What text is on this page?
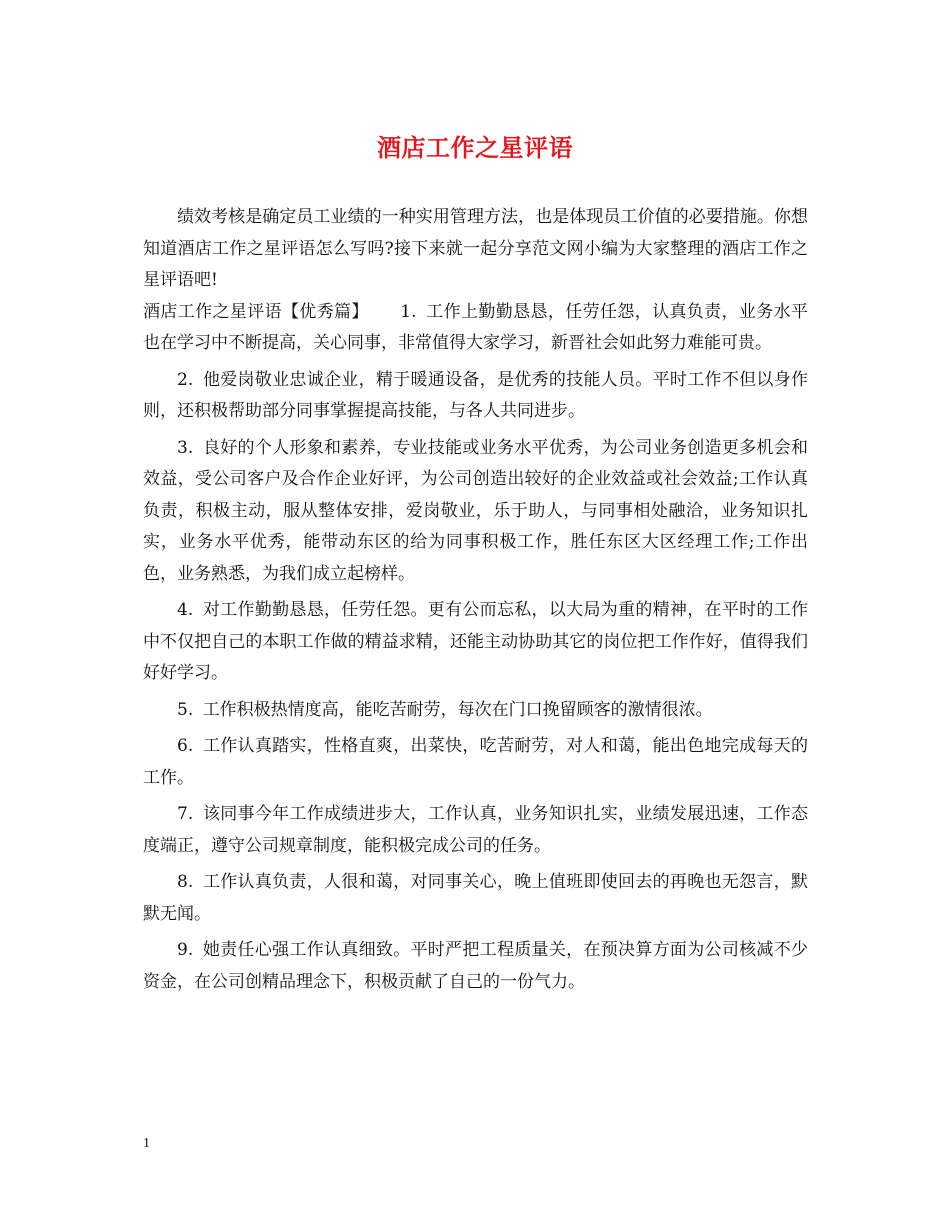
酒店工作之星评语

绩效考核是确定员工业绩的一种实用管理方法，也是体现员工价值的必要措施。你想知道酒店工作之星评语怎么写吗?接下来就一起分享范文网小编为大家整理的酒店工作之星评语吧!

酒店工作之星评语【优秀篇】   1. 工作上勤勤恳恳，任劳任怨，认真负责，业务水平也在学习中不断提高，关心同事，非常值得大家学习，新晋社会如此努力难能可贵。

2. 他爱岗敬业忠诚企业，精于暖通设备，是优秀的技能人员。平时工作不但以身作则，还积极帮助部分同事掌握提高技能，与各人共同进步。

3. 良好的个人形象和素养，专业技能或业务水平优秀，为公司业务创造更多机会和效益，受公司客户及合作企业好评，为公司创造出较好的企业效益或社会效益;工作认真负责，积极主动，服从整体安排，爱岗敬业，乐于助人，与同事相处融洽，业务知识扎实，业务水平优秀，能带动东区的给为同事积极工作，胜任东区大区经理工作;工作出色，业务熟悉，为我们成立起榜样。

4. 对工作勤勤恳恳，任劳任怨。更有公而忘私，以大局为重的精神，在平时的工作中不仅把自己的本职工作做的精益求精，还能主动协助其它的岗位把工作作好，值得我们好好学习。

5. 工作积极热情度高，能吃苦耐劳，每次在门口挽留顾客的激情很浓。

6. 工作认真踏实，性格直爽，出菜快，吃苦耐劳，对人和蔼，能出色地完成每天的工作。

7. 该同事今年工作成绩进步大，工作认真，业务知识扎实，业绩发展迅速，工作态度端正，遵守公司规章制度，能积极完成公司的任务。

8. 工作认真负责，人很和蔼，对同事关心，晚上值班即使回去的再晚也无怨言，默默无闻。

9. 她责任心强工作认真细致。平时严把工程质量关，在预决算方面为公司核减不少资金，在公司创精品理念下，积极贡献了自己的一份气力。

1
